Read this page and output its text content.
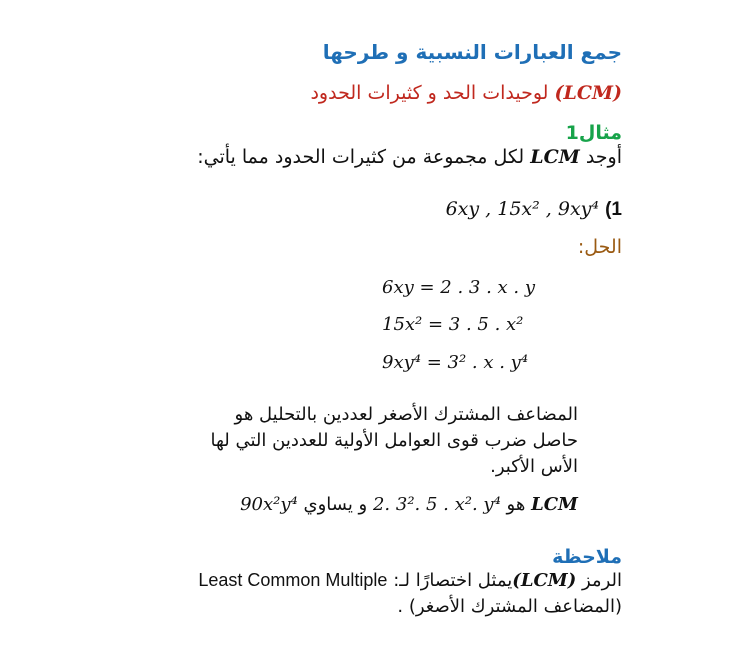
جمع العبارات النسبية و طرحها
(LCM) لوحيدات الحد و كثيرات الحدود
مثال1
أوجد LCM لكل مجموعة من كثيرات الحدود مما يأتي:
1) 6xy , 15x² , 9xy⁴
الحل:
6xy = 2 . 3 . x . y
15x² = 3 . 5 . x²
9xy⁴ = 3² . x . y⁴
المضاعف المشترك الأصغر لعددين بالتحليل هو
حاصل ضرب قوى العوامل الأولية للعددين التي لها
الأس الأكبر.
LCM هو 2. 3². 5 . x². y⁴ و يساوي 90x²y⁴
ملاحظة
الرمز (LCM)يمثل اختصارًا لـ: Least Common Multiple
(المضاعف المشترك الأصغر) .
